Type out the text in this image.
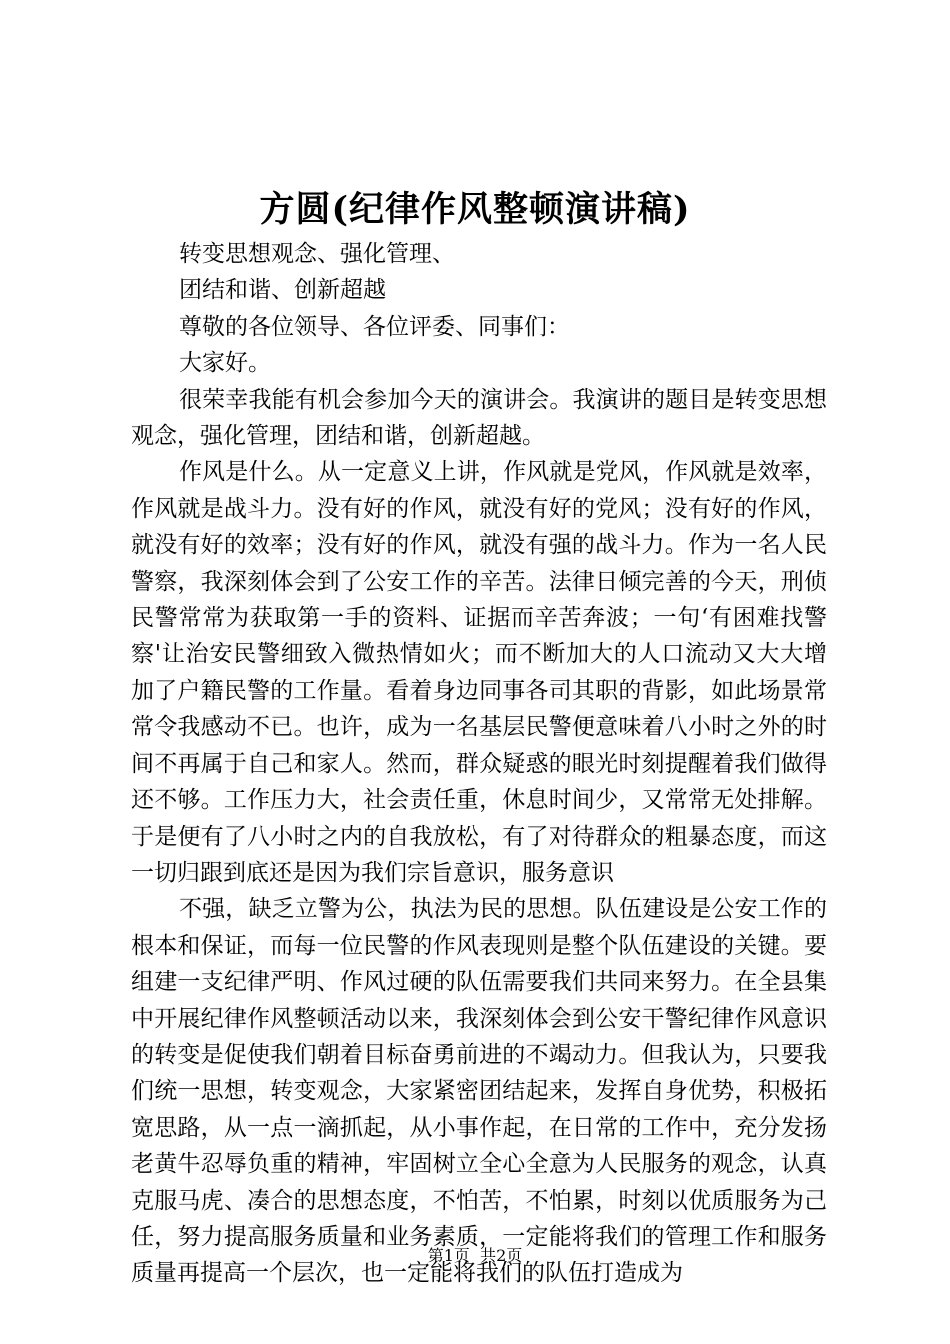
方圆(纪律作风整顿演讲稿)

转变思想观念、强化管理、

团结和谐、创新超越

尊敬的各位领导、各位评委、同事们：

大家好。

很荣幸我能有机会参加今天的演讲会。我演讲的题目是转变思想观念，强化管理，团结和谐，创新超越。

作风是什么。从一定意义上讲，作风就是党风，作风就是效率，作风就是战斗力。没有好的作风，就没有好的党风；没有好的作风，就没有好的效率；没有好的作风，就没有强的战斗力。作为一名人民警察，我深刻体会到了公安工作的辛苦。法律日倾完善的今天，刑侦民警常常为获取第一手的资料、证据而辛苦奔波；一句‘有困难找警察'让治安民警细致入微热情如火；而不断加大的人口流动又大大增加了户籍民警的工作量。看着身边同事各司其职的背影，如此场景常常令我感动不已。也许，成为一名基层民警便意味着八小时之外的时间不再属于自己和家人。然而，群众疑惑的眼光时刻提醒着我们做得还不够。工作压力大，社会责任重，休息时间少，又常常无处排解。于是便有了八小时之内的自我放松，有了对待群众的粗暴态度，而这一切归跟到底还是因为我们宗旨意识，服务意识

不强，缺乏立警为公，执法为民的思想。队伍建设是公安工作的根本和保证，而每一位民警的作风表现则是整个队伍建设的关键。要组建一支纪律严明、作风过硬的队伍需要我们共同来努力。在全县集中开展纪律作风整顿活动以来，我深刻体会到公安干警纪律作风意识的转变是促使我们朝着目标奋勇前进的不竭动力。但我认为，只要我们统一思想，转变观念，大家紧密团结起来，发挥自身优势，积极拓宽思路，从一点一滴抓起，从小事作起，在日常的工作中，充分发扬老黄牛忍辱负重的精神，牢固树立全心全意为人民服务的观念，认真克服马虎、凑合的思想态度，不怕苦，不怕累，时刻以优质服务为己任，努力提高服务质量和业务素质，一定能将我们的管理工作和服务质量再提高一个层次，也一定能将我们的队伍打造成为

第1页 共2页
